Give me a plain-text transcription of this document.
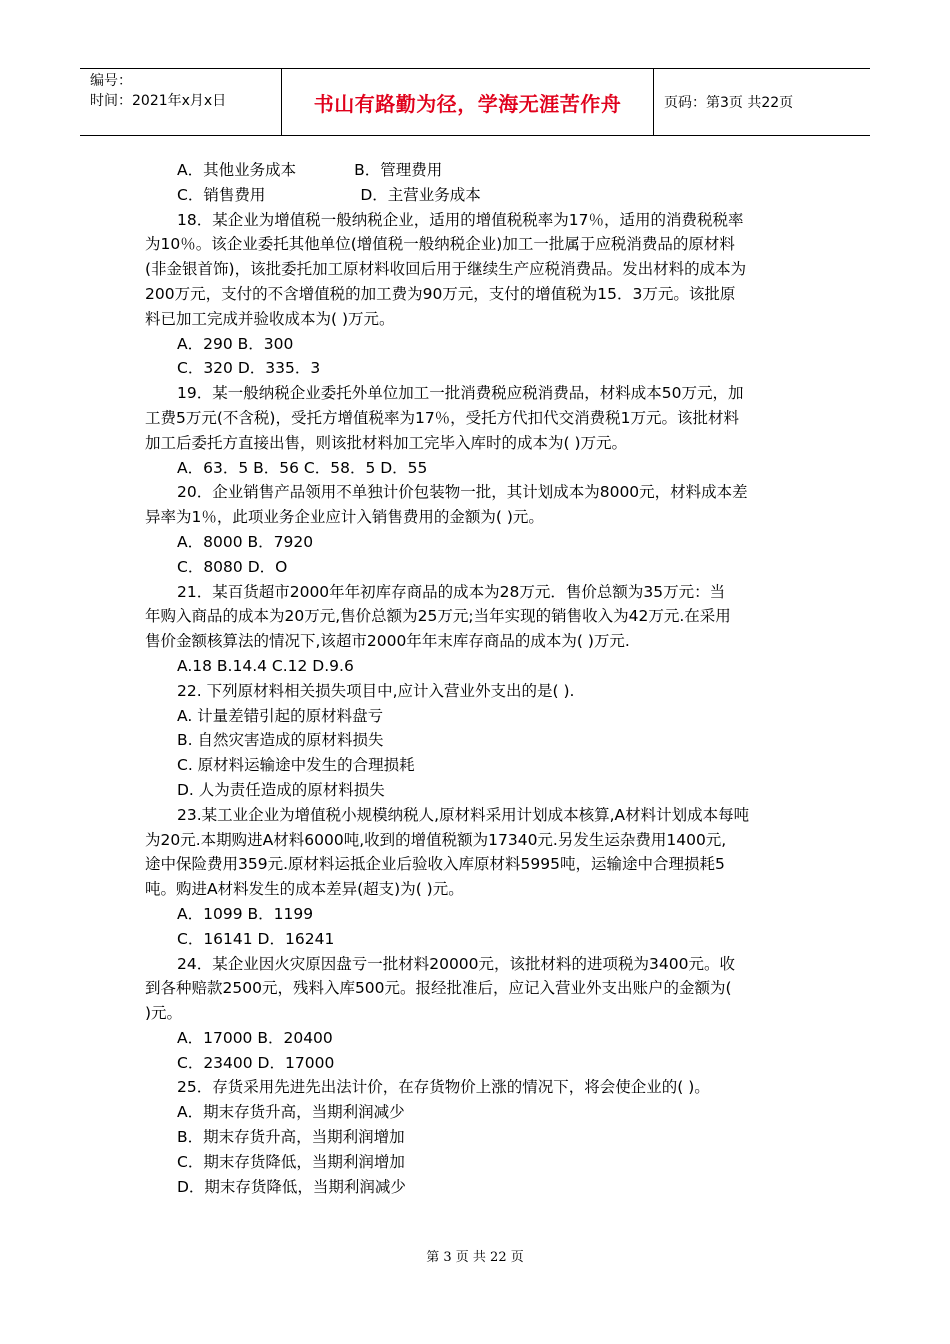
编号：
时间：2021年x月x日	书山有路勤为径，学海无涯苦作舟	页码：第3页 共22页
A．其他业务成本	B．管理费用
C．销售费用	D．主营业务成本
18．某企业为增值税一般纳税企业，适用的增值税税率为17％，适用的消费税税率
为10％。该企业委托其他单位(增值税一般纳税企业)加工一批属于应税消费品的原材料
(非金银首饰)，该批委托加工原材料收回后用于继续生产应税消费品。发出材料的成本为
200万元，支付的不含增值税的加工费为90万元，支付的增值税为15．3万元。该批原
料已加工完成并验收成本为( )万元。
A．290 B．300
C．320 D．335．3
19．某一般纳税企业委托外单位加工一批消费税应税消费品，材料成本50万元，加
工费5万元(不含税)，受托方增值税率为17％，受托方代扣代交消费税1万元。该批材料
加工后委托方直接出售，则该批材料加工完毕入库时的成本为( )万元。
A．63．5 B．56 C．58．5 D．55
20．企业销售产品领用不单独计价包装物一批，其计划成本为8000元，材料成本差
异率为1％，此项业务企业应计入销售费用的金额为( )元。
A．8000 B．7920
C．8080 D．O
21．某百货超市2000年年初库存商品的成本为28万元．售价总额为35万元：当
年购入商品的成本为20万元,售价总额为25万元;当年实现的销售收入为42万元.在采用
售价金额核算法的情况下,该超市2000年年末库存商品的成本为( )万元.
A.18 B.14.4 C.12 D.9.6
22. 下列原材料相关损失项目中,应计入营业外支出的是( ).
A. 计量差错引起的原材料盘亏
B. 自然灾害造成的原材料损失
C. 原材料运输途中发生的合理损耗
D. 人为责任造成的原材料损失
23.某工业企业为增值税小规模纳税人,原材料采用计划成本核算,A材料计划成本每吨
为20元.本期购进A材料6000吨,收到的增值税额为17340元.另发生运杂费用1400元,
途中保险费用359元.原材料运抵企业后验收入库原材料5995吨，运输途中合理损耗5
吨。购进A材料发生的成本差异(超支)为( )元。
A．1099 B．1199
C．16141 D．16241
24．某企业因火灾原因盘亏一批材料20000元，该批材料的进项税为3400元。收
到各种赔款2500元，残料入库500元。报经批准后，应记入营业外支出账户的金额为(
)元。
A．17000 B．20400
C．23400 D．17000
25．存货采用先进先出法计价，在存货物价上涨的情况下，将会使企业的( )。
A．期末存货升高，当期利润减少
B．期末存货升高，当期利润增加
C．期末存货降低，当期利润增加
D．期末存货降低，当期利润减少
第 3 页 共 22 页
